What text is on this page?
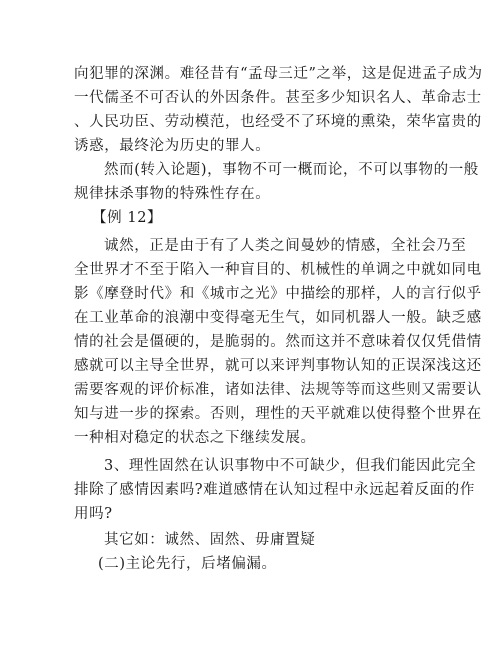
向犯罪的深渊。难径昔有“孟母三迁”之举，这是促进孟子成为
一代儒圣不可否认的外因条件。甚至多少知识名人、革命志士
、人民功臣、劳动模范，也经受不了环境的熏染，荣华富贵的
诱惑，最终沦为历史的罪人。
然而(转入论题)，事物不可一概而论，不可以事物的一般
规律抹杀事物的特殊性存在。
【例 12】
诚然，正是由于有了人类之间曼妙的情感，全社会乃至
全世界才不至于陷入一种盲目的、机械性的单调之中就如同电
影《摩登时代》和《城市之光》中描绘的那样，人的言行似乎
在工业革命的浪潮中变得毫无生气，如同机器人一般。缺乏感
情的社会是僵硬的，是脆弱的。然而这并不意味着仅仅凭借情
感就可以主导全世界，就可以来评判事物认知的正误深浅这还
需要客观的评价标准，诸如法律、法规等等而这些则又需要认
知与进一步的探索。否则，理性的天平就难以使得整个世界在
一种相对稳定的状态之下继续发展。
3、理性固然在认识事物中不可缺少，但我们能因此完全
排除了感情因素吗?难道感情在认知过程中永远起着反面的作
用吗?
其它如：诚然、固然、毋庸置疑
(二)主论先行，后堵偏漏。
